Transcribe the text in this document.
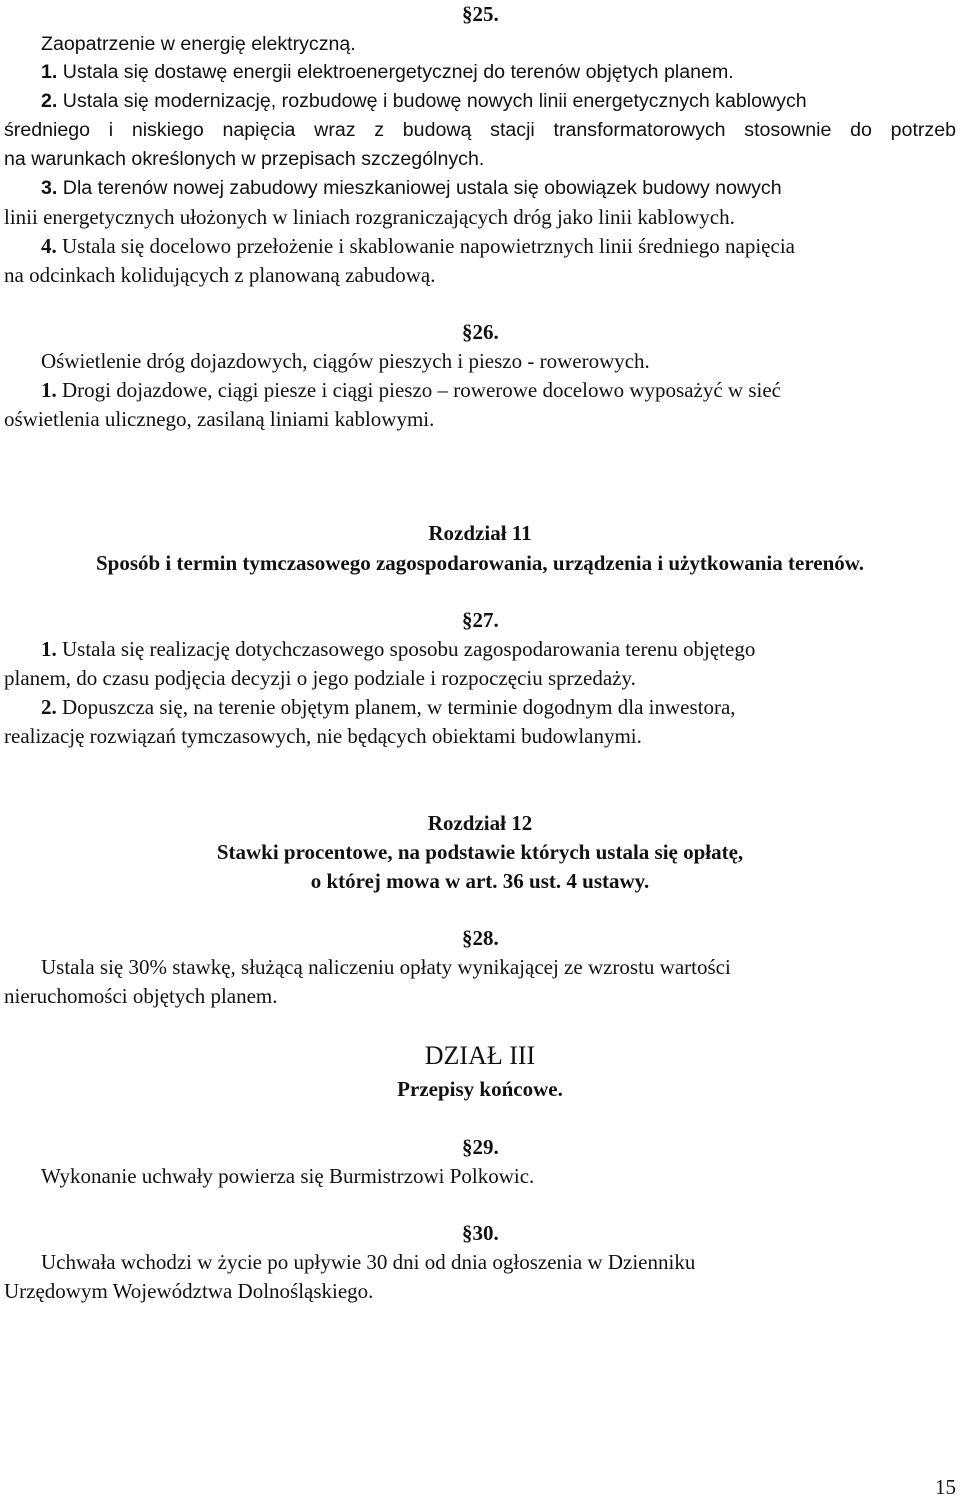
§25.
Zaopatrzenie w energię elektryczną.
1. Ustala się dostawę energii elektroenergetycznej do terenów objętych planem.
2. Ustala się modernizację, rozbudowę i budowę nowych linii energetycznych kablowych
średniego i niskiego napięcia wraz z budową stacji transformatorowych stosownie do potrzeb
na warunkach określonych w przepisach szczególnych.
3. Dla terenów nowej zabudowy mieszkaniowej ustala się obowiązek budowy nowych
linii energetycznych ułożonych w liniach rozgraniczających dróg jako linii kablowych.
4. Ustala się docelowo przełożenie i skablowanie napowietrznych linii średniego napięcia
na odcinkach kolidujących z planowaną zabudową.
§26.
Oświetlenie dróg dojazdowych, ciągów pieszych i pieszo - rowerowych.
1. Drogi dojazdowe, ciągi piesze i ciągi pieszo – rowerowe docelowo wyposażyć w sieć
oświetlenia ulicznego, zasilaną liniami kablowymi.
Rozdział 11
Sposób i termin tymczasowego zagospodarowania, urządzenia i użytkowania terenów.
§27.
1. Ustala się realizację dotychczasowego sposobu zagospodarowania terenu objętego
planem, do czasu podjęcia decyzji o jego podziale i rozpoczęciu sprzedaży.
2. Dopuszcza się, na terenie objętym planem, w terminie dogodnym dla inwestora,
realizację rozwiązań tymczasowych, nie będących obiektami budowlanymi.
Rozdział 12
Stawki procentowe, na podstawie których ustala się opłatę,
o której mowa w art. 36 ust. 4 ustawy.
§28.
Ustala się 30% stawkę, służącą naliczeniu opłaty wynikającej ze wzrostu wartości
nieruchomości objętych planem.
DZIAŁ III
Przepisy końcowe.
§29.
Wykonanie uchwały powierza się Burmistrzowi Polkowic.
§30.
Uchwała wchodzi w życie po upływie 30 dni od dnia ogłoszenia w Dzienniku
Urzędowym Województwa Dolnośląskiego.
15
